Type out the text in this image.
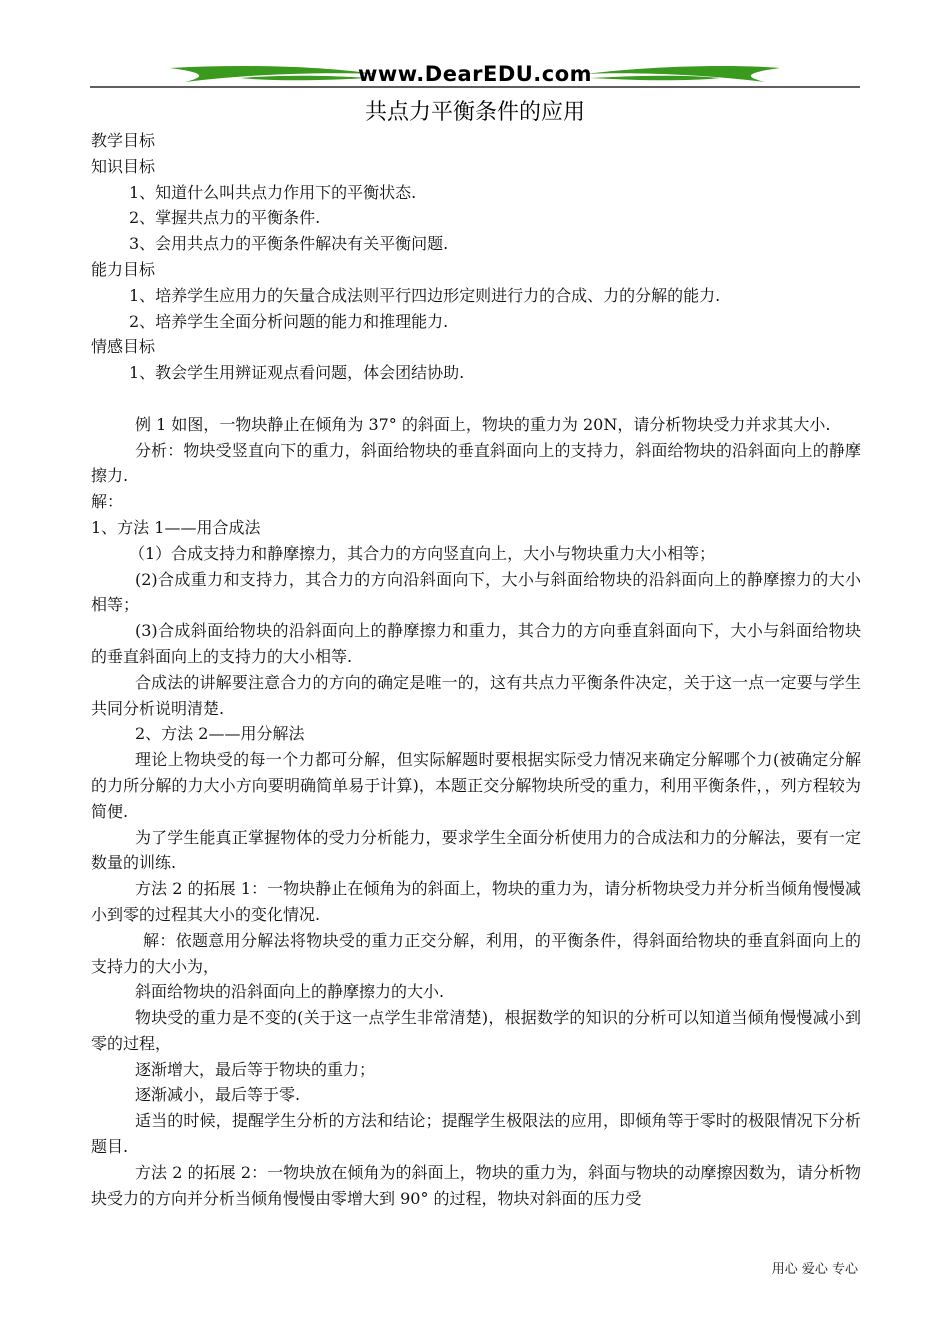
www.DearEDU.com
共点力平衡条件的应用

教学目标

知识目标

1、知道什么叫共点力作用下的平衡状态.

2、掌握共点力的平衡条件.

3、会用共点力的平衡条件解决有关平衡问题.

能力目标

1、培养学生应用力的矢量合成法则平行四边形定则进行力的合成、力的分解的能力.

2、培养学生全面分析问题的能力和推理能力.

情感目标

1、教会学生用辨证观点看问题，体会团结协助.

例 1 如图，一物块静止在倾角为 37° 的斜面上，物块的重力为 20N，请分析物块受力并求其大小.

分析：物块受竖直向下的重力，斜面给物块的垂直斜面向上的支持力，斜面给物块的沿斜面向上的静摩擦力.

解：

1、方法 1——用合成法

（1）合成支持力和静摩擦力，其合力的方向竖直向上，大小与物块重力大小相等；

(2)合成重力和支持力，其合力的方向沿斜面向下，大小与斜面给物块的沿斜面向上的静摩擦力的大小相等；

(3)合成斜面给物块的沿斜面向上的静摩擦力和重力，其合力的方向垂直斜面向下，大小与斜面给物块的垂直斜面向上的支持力的大小相等.

合成法的讲解要注意合力的方向的确定是唯一的，这有共点力平衡条件决定，关于这一点一定要与学生共同分析说明清楚.

2、方法 2——用分解法

理论上物块受的每一个力都可分解，但实际解题时要根据实际受力情况来确定分解哪个力(被确定分解的力所分解的力大小方向要明确简单易于计算)，本题正交分解物块所受的重力，利用平衡条件，，列方程较为简便.

为了学生能真正掌握物体的受力分析能力，要求学生全面分析使用力的合成法和力的分解法，要有一定数量的训练.

方法 2 的拓展 1：一物块静止在倾角为的斜面上，物块的重力为，请分析物块受力并分析当倾角慢慢减小到零的过程其大小的变化情况.

解：依题意用分解法将物块受的重力正交分解，利用，的平衡条件，得斜面给物块的垂直斜面向上的支持力的大小为，

斜面给物块的沿斜面向上的静摩擦力的大小.

物块受的重力是不变的(关于这一点学生非常清楚)，根据数学的知识的分析可以知道当倾角慢慢减小到零的过程，

逐渐增大，最后等于物块的重力；

逐渐减小，最后等于零.

适当的时候，提醒学生分析的方法和结论；提醒学生极限法的应用，即倾角等于零时的极限情况下分析题目.

方法 2 的拓展 2：一物块放在倾角为的斜面上，物块的重力为，斜面与物块的动摩擦因数为，请分析物块受力的方向并分析当倾角慢慢由零增大到 90° 的过程，物块对斜面的压力受

用心 爱心 专心
